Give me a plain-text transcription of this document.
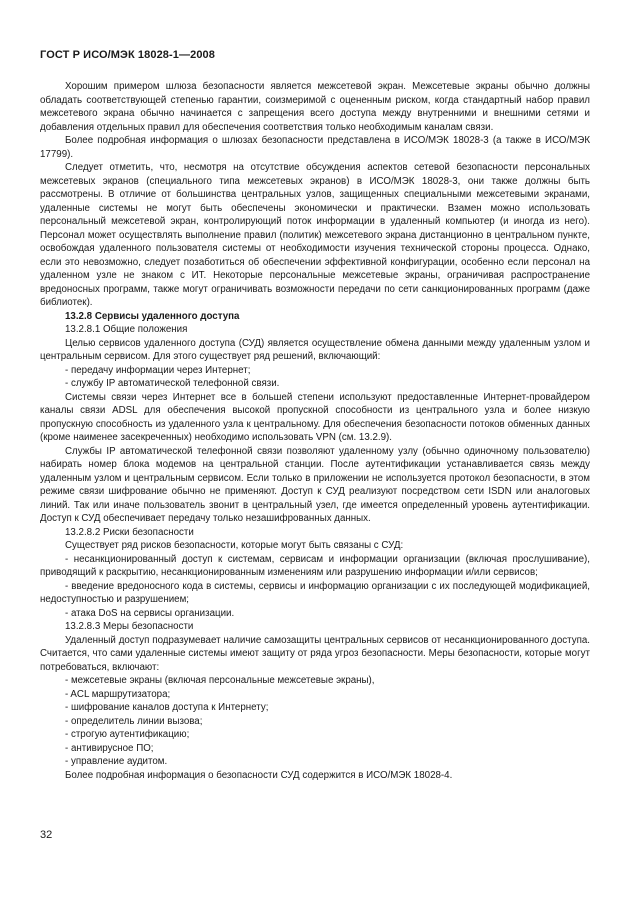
ГОСТ Р ИСО/МЭК 18028-1—2008

Хорошим примером шлюза безопасности является межсетевой экран. Межсетевые экраны обычно должны обладать соответствующей степенью гарантии, соизмеримой с оцененным риском, когда стандартный набор правил межсетевого экрана обычно начинается с запрещения всего доступа между внутренними и внешними сетями и добавления отдельных правил для обеспечения соответствия только необходимым каналам связи.

Более подробная информация о шлюзах безопасности представлена в ИСО/МЭК 18028-3 (а также в ИСО/МЭК 17799).

Следует отметить, что, несмотря на отсутствие обсуждения аспектов сетевой безопасности персональных межсетевых экранов (специального типа межсетевых экранов) в ИСО/МЭК 18028-3, они также должны быть рассмотрены. В отличие от большинства центральных узлов, защищенных специальными межсетевыми экранами, удаленные системы не могут быть обеспечены экономически и практически. Взамен можно использовать персональный межсетевой экран, контролирующий поток информации в удаленный компьютер (и иногда из него). Персонал может осуществлять выполнение правил (политик) межсетевого экрана дистанционно в центральном пункте, освобождая удаленного пользователя системы от необходимости изучения технической стороны процесса. Однако, если это невозможно, следует позаботиться об обеспечении эффективной конфигурации, особенно если персонал на удаленном узле не знаком с ИТ. Некоторые персональные межсетевые экраны, ограничивая распространение вредоносных программ, также могут ограничивать возможности передачи по сети санкционированных программ (даже библиотек).

13.2.8 Сервисы удаленного доступа

13.2.8.1 Общие положения

Целью сервисов удаленного доступа (СУД) является осуществление обмена данными между удаленным узлом и центральным сервисом. Для этого существует ряд решений, включающий:

- передачу информации через Интернет;

- службу IP автоматической телефонной связи.

Системы связи через Интернет все в большей степени используют предоставленные Интернет-провайдером каналы связи ADSL для обеспечения высокой пропускной способности из центрального узла и более низкую пропускную способность из удаленного узла к центральному. Для обеспечения безопасности потоков обменных данных (кроме наименее засекреченных) необходимо использовать VPN (см. 13.2.9).

Службы IP автоматической телефонной связи позволяют удаленному узлу (обычно одиночному пользователю) набирать номер блока модемов на центральной станции. После аутентификации устанавливается связь между удаленным узлом и центральным сервисом. Если только в приложении не используется протокол безопасности, в этом режиме связи шифрование обычно не применяют. Доступ к СУД реализуют посредством сети ISDN или аналоговых линий. Так или иначе пользователь звонит в центральный узел, где имеется определенный уровень аутентификации. Доступ к СУД обеспечивает передачу только незашифрованных данных.

13.2.8.2 Риски безопасности

Существует ряд рисков безопасности, которые могут быть связаны с СУД:

- несанкционированный доступ к системам, сервисам и информации организации (включая прослушивание), приводящий к раскрытию, несанкционированным изменениям или разрушению информации и/или сервисов;

- введение вредоносного кода в системы, сервисы и информацию организации с их последующей модификацией, недоступностью и разрушением;

- атака DoS на сервисы организации.

13.2.8.3 Меры безопасности

Удаленный доступ подразумевает наличие самозащиты центральных сервисов от несанкционированного доступа. Считается, что сами удаленные системы имеют защиту от ряда угроз безопасности. Меры безопасности, которые могут потребоваться, включают:

- межсетевые экраны (включая персональные межсетевые экраны),

- ACL маршрутизатора;

- шифрование каналов доступа к Интернету;

- определитель линии вызова;

- строгую аутентификацию;

- антивирусное ПО;

- управление аудитом.

Более подробная информация о безопасности СУД содержится в ИСО/МЭК 18028-4.

32
